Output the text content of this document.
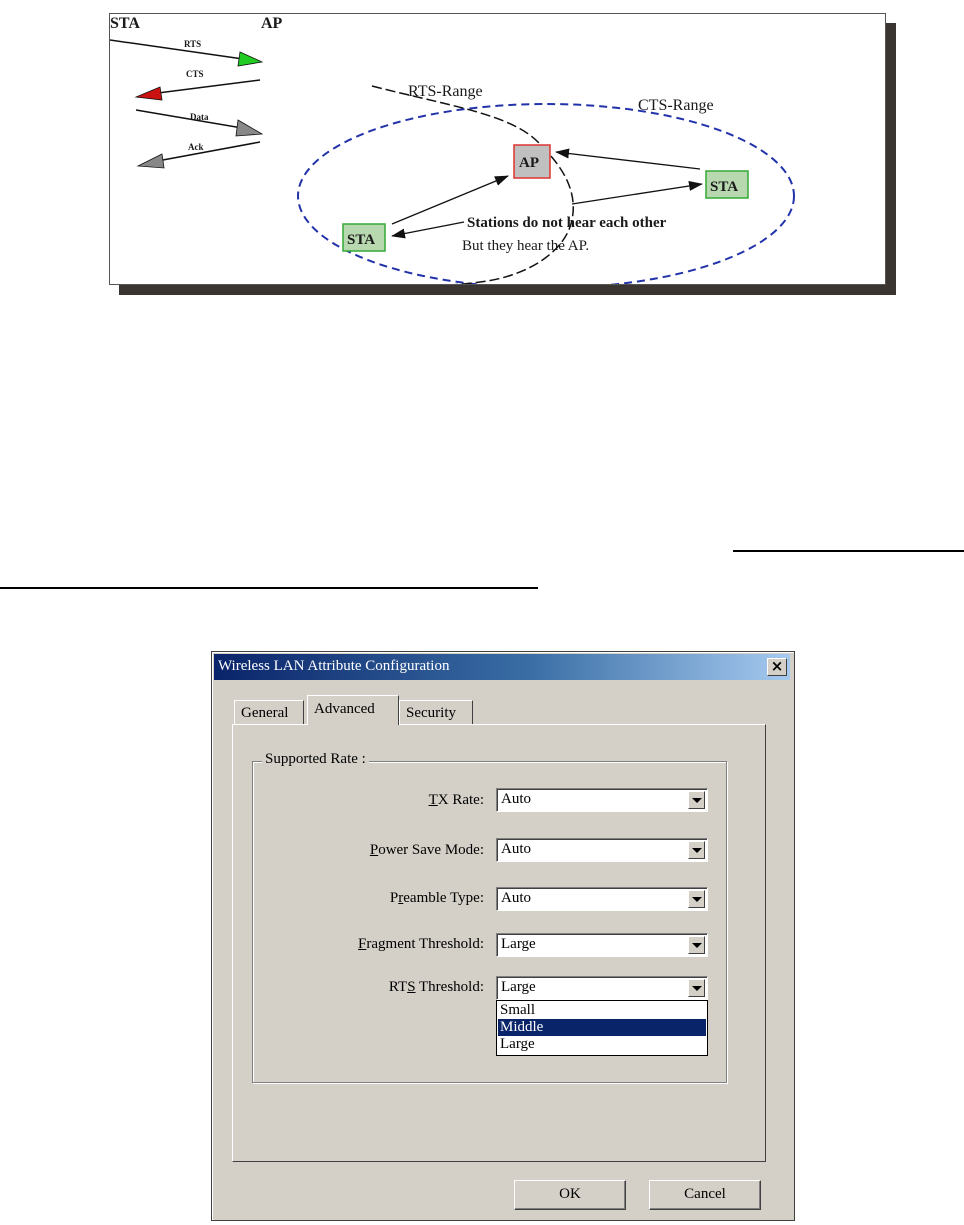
STA	AP
RTS
CTS
Data
Ack
CTS-Range
RTS-Range
AP
STA
STA
Stations do not hear each other
But they hear the AP.
Wireless LAN Attribute Configuration	×
General	Advanced	Security
Supported Rate :
TX Rate: Auto
Power Save Mode: Auto
Preamble Type: Auto
Fragment Threshold: Large
RTS Threshold: Large
Small
Middle
Large
OK	Cancel
